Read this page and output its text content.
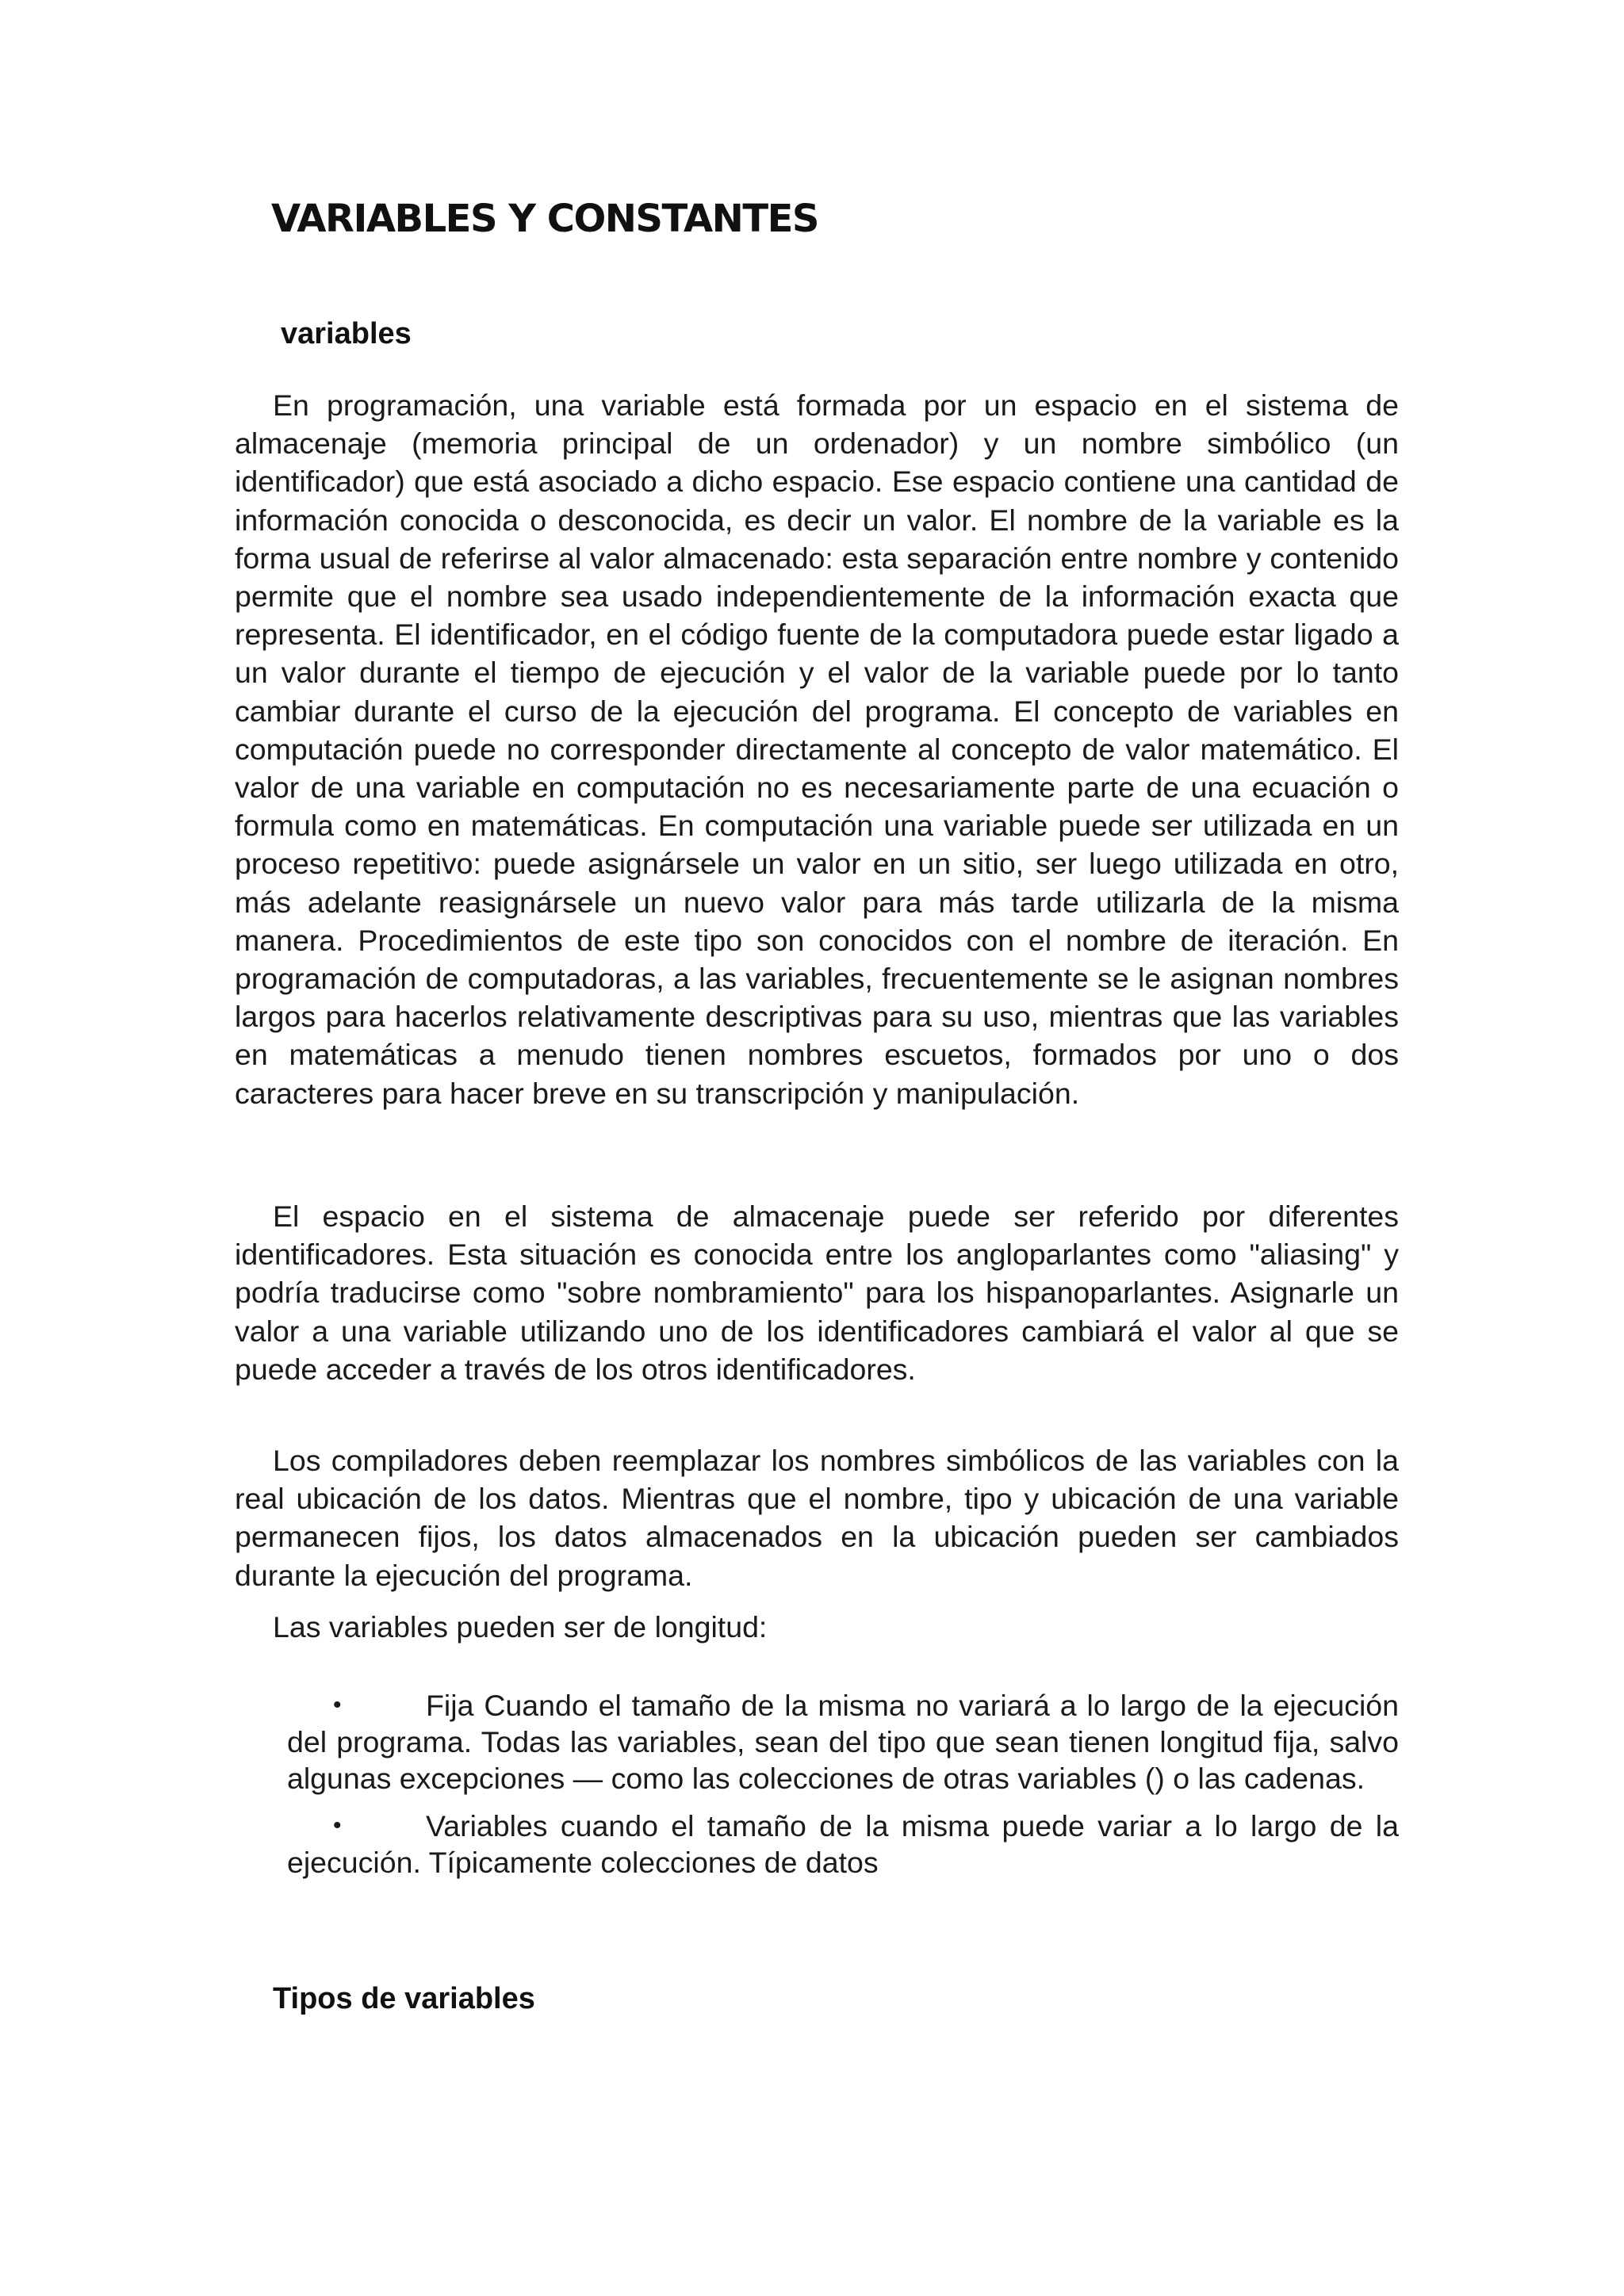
VARIABLES Y CONSTANTES
variables

En programación, una variable está formada por un espacio en el sistema de almacenaje (memoria principal de un ordenador) y un nombre simbólico (un identificador) que está asociado a dicho espacio. Ese espacio contiene una cantidad de información conocida o desconocida, es decir un valor. El nombre de la variable es la forma usual de referirse al valor almacenado: esta separación entre nombre y contenido permite que el nombre sea usado independientemente de la información exacta que representa. El identificador, en el código fuente de la computadora puede estar ligado a un valor durante el tiempo de ejecución y el valor de la variable puede por lo tanto cambiar durante el curso de la ejecución del programa. El concepto de variables en computación puede no corresponder directamente al concepto de valor matemático. El valor de una variable en computación no es necesariamente parte de una ecuación o formula como en matemáticas. En computación una variable puede ser utilizada en un proceso repetitivo: puede asignársele un valor en un sitio, ser luego utilizada en otro, más adelante reasignársele un nuevo valor para más tarde utilizarla de la misma manera. Procedimientos de este tipo son conocidos con el nombre de iteración. En programación de computadoras, a las variables, frecuentemente se le asignan nombres largos para hacerlos relativamente descriptivas para su uso, mientras que las variables en matemáticas a menudo tienen nombres escuetos, formados por uno o dos caracteres para hacer breve en su transcripción y manipulación.

El espacio en el sistema de almacenaje puede ser referido por diferentes identificadores. Esta situación es conocida entre los angloparlantes como "aliasing" y podría traducirse como "sobre nombramiento" para los hispanoparlantes. Asignarle un valor a una variable utilizando uno de los identificadores cambiará el valor al que se puede acceder a través de los otros identificadores.

Los compiladores deben reemplazar los nombres simbólicos de las variables con la real ubicación de los datos. Mientras que el nombre, tipo y ubicación de una variable permanecen fijos, los datos almacenados en la ubicación pueden ser cambiados durante la ejecución del programa.

Las variables pueden ser de longitud:

•	Fija Cuando el tamaño de la misma no variará a lo largo de la ejecución del programa. Todas las variables, sean del tipo que sean tienen longitud fija, salvo algunas excepciones — como las colecciones de otras variables () o las cadenas.
•	Variables cuando el tamaño de la misma puede variar a lo largo de la ejecución. Típicamente colecciones de datos
Tipos de variables
